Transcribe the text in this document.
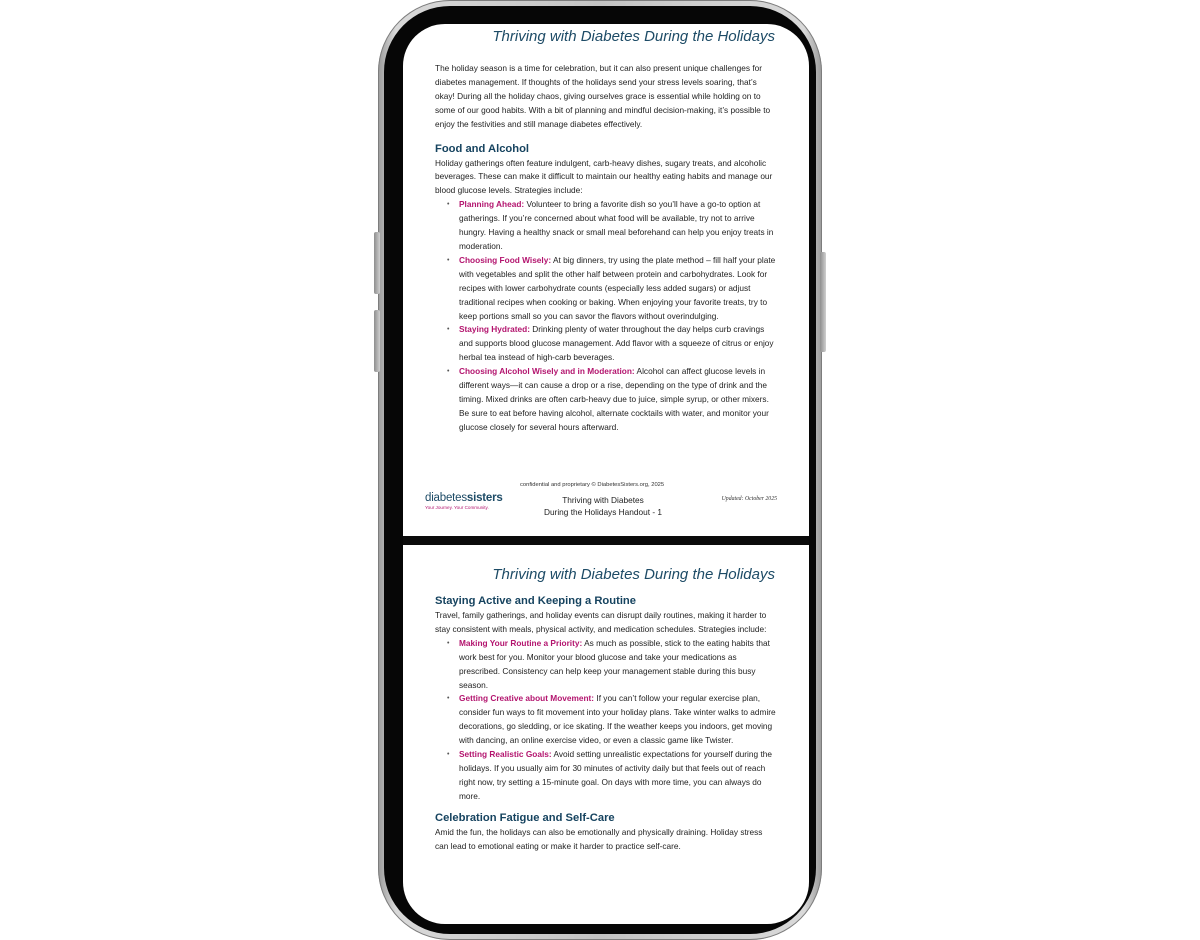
Thriving with Diabetes During the Holidays

The holiday season is a time for celebration, but it can also present unique challenges for diabetes management. If thoughts of the holidays send your stress levels soaring, that’s okay! During all the holiday chaos, giving ourselves grace is essential while holding on to some of our good habits. With a bit of planning and mindful decision-making, it’s possible to enjoy the festivities and still manage diabetes effectively.

Food and Alcohol

Holiday gatherings often feature indulgent, carb-heavy dishes, sugary treats, and alcoholic beverages. These can make it difficult to maintain our healthy eating habits and manage our blood glucose levels. Strategies include:

• Planning Ahead: Volunteer to bring a favorite dish so you’ll have a go-to option at gatherings. If you’re concerned about what food will be available, try not to arrive hungry. Having a healthy snack or small meal beforehand can help you enjoy treats in moderation.
• Choosing Food Wisely: At big dinners, try using the plate method – fill half your plate with vegetables and split the other half between protein and carbohydrates. Look for recipes with lower carbohydrate counts (especially less added sugars) or adjust traditional recipes when cooking or baking. When enjoying your favorite treats, try to keep portions small so you can savor the flavors without overindulging.
• Staying Hydrated: Drinking plenty of water throughout the day helps curb cravings and supports blood glucose management. Add flavor with a squeeze of citrus or enjoy herbal tea instead of high-carb beverages.
• Choosing Alcohol Wisely and in Moderation: Alcohol can affect glucose levels in different ways—it can cause a drop or a rise, depending on the type of drink and the timing. Mixed drinks are often carb-heavy due to juice, simple syrup, or other mixers. Be sure to eat before having alcohol, alternate cocktails with water, and monitor your glucose closely for several hours afterward.
diabetessisters
Your Journey. Your Community.
confidential and proprietary © DiabetesSisters.org, 2025
Thriving with Diabetes
During the Holidays Handout - 1
Updated: October 2025
Thriving with Diabetes During the Holidays
Staying Active and Keeping a Routine

Travel, family gatherings, and holiday events can disrupt daily routines, making it harder to stay consistent with meals, physical activity, and medication schedules. Strategies include:

• Making Your Routine a Priority: As much as possible, stick to the eating habits that work best for you. Monitor your blood glucose and take your medications as prescribed. Consistency can help keep your management stable during this busy season.
• Getting Creative about Movement: If you can’t follow your regular exercise plan, consider fun ways to fit movement into your holiday plans. Take winter walks to admire decorations, go sledding, or ice skating. If the weather keeps you indoors, get moving with dancing, an online exercise video, or even a classic game like Twister.
• Setting Realistic Goals: Avoid setting unrealistic expectations for yourself during the holidays. If you usually aim for 30 minutes of activity daily but that feels out of reach right now, try setting a 15-minute goal. On days with more time, you can always do more.
Celebration Fatigue and Self-Care

Amid the fun, the holidays can also be emotionally and physically draining. Holiday stress can lead to emotional eating or make it harder to practice self-care.
